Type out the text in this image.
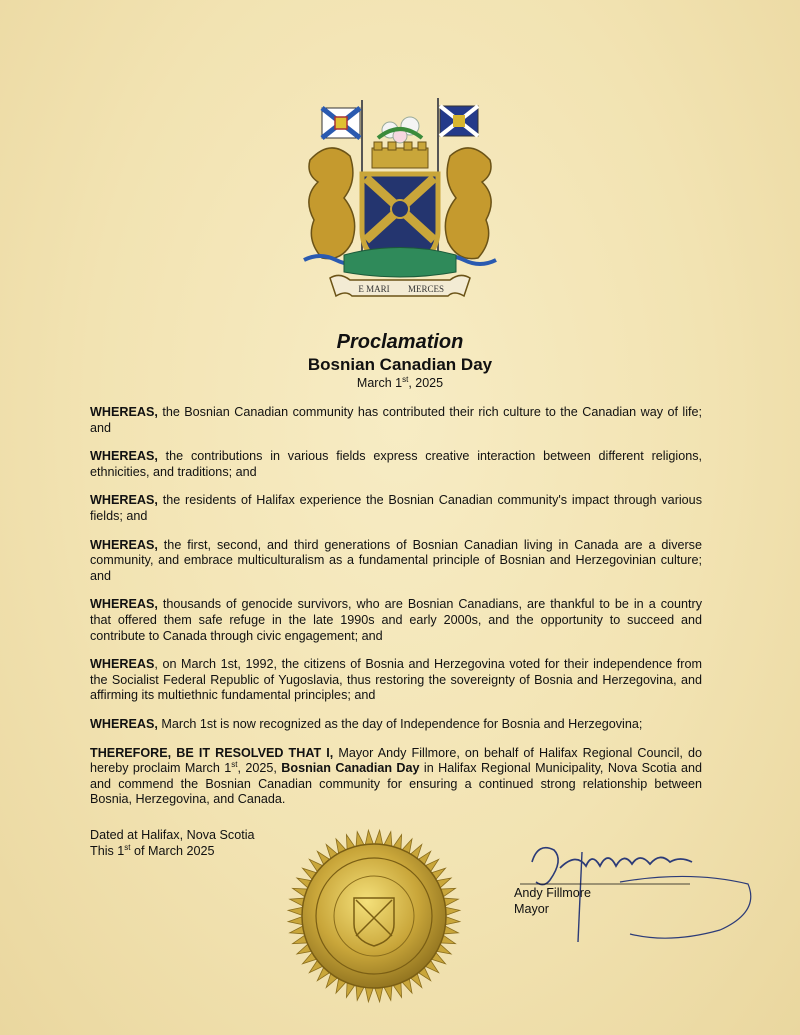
E MARI MERCES
Proclamation
Bosnian Canadian Day
March 1st, 2025

WHEREAS, the Bosnian Canadian community has contributed their rich culture to the Canadian way of life; and

WHEREAS, the contributions in various fields express creative interaction between different religions, ethnicities, and traditions; and

WHEREAS, the residents of Halifax experience the Bosnian Canadian community's impact through various fields; and

WHEREAS, the first, second, and third generations of Bosnian Canadian living in Canada are a diverse community, and embrace multiculturalism as a fundamental principle of Bosnian and Herzegovinian culture; and

WHEREAS, thousands of genocide survivors, who are Bosnian Canadians, are thankful to be in a country that offered them safe refuge in the late 1990s and early 2000s, and the opportunity to succeed and contribute to Canada through civic engagement; and

WHEREAS, on March 1st, 1992, the citizens of Bosnia and Herzegovina voted for their independence from the Socialist Federal Republic of Yugoslavia, thus restoring the sovereignty of Bosnia and Herzegovina, and affirming its multiethnic fundamental principles; and

WHEREAS, March 1st is now recognized as the day of Independence for Bosnia and Herzegovina;

THEREFORE, BE IT RESOLVED THAT I, Mayor Andy Fillmore, on behalf of Halifax Regional Council, do hereby proclaim March 1st, 2025, Bosnian Canadian Day in Halifax Regional Municipality, Nova Scotia and and commend the Bosnian Canadian community for ensuring a continued strong relationship between Bosnia, Herzegovina, and Canada.

Dated at Halifax, Nova Scotia
This 1st of March 2025
Andy Fillmore
Mayor
